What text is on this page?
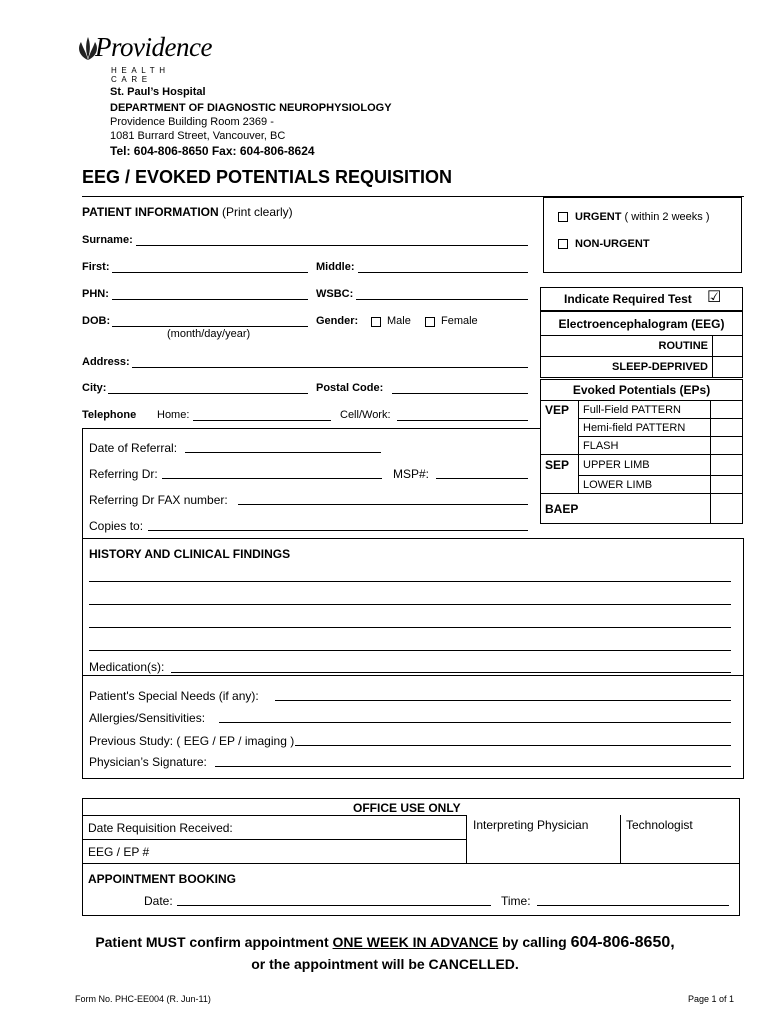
Providence
HEALTH CARE
St. Paul’s Hospital
DEPARTMENT OF DIAGNOSTIC NEUROPHYSIOLOGY
Providence Building Room 2369 -
1081 Burrard Street, Vancouver, BC
Tel: 604-806-8650 Fax: 604-806-8624
EEG / EVOKED POTENTIALS REQUISITION
PATIENT INFORMATION (Print clearly)
Surname:
First:	Middle:
PHN:	WSBC:
DOB:
(month/day/year)
Gender:	Male	Female
Address:
City:	Postal Code:
Telephone Home:	Cell/Work:
URGENT ( within 2 weeks )
NON-URGENT
Indicate Required Test ☑
Electroencephalogram (EEG)	
ROUTINE	
SLEEP-DEPRIVED	
Evoked Potentials (EPs)		
VEP	Full-Field PATTERN	
	Hemi-field PATTERN	
	FLASH	
SEP	UPPER LIMB	
	LOWER LIMB	
BAEP		
Date of Referral:
Referring Dr:	MSP#:
Referring Dr FAX number:
Copies to:
HISTORY AND CLINICAL FINDINGS
Medication(s):
Patient's Special Needs (if any):
Allergies/Sensitivities:
Previous Study: ( EEG / EP / imaging )
Physician’s Signature:
OFFICE USE ONLY
Date Requisition Received:	Interpreting Physician	Technologist
EEG / EP #
APPOINTMENT BOOKING
Date:	Time:
Patient MUST confirm appointment ONE WEEK IN ADVANCE by calling 604-806-8650,
or the appointment will be CANCELLED.
Form No. PHC-EE004 (R. Jun-11)	Page 1 of 1
